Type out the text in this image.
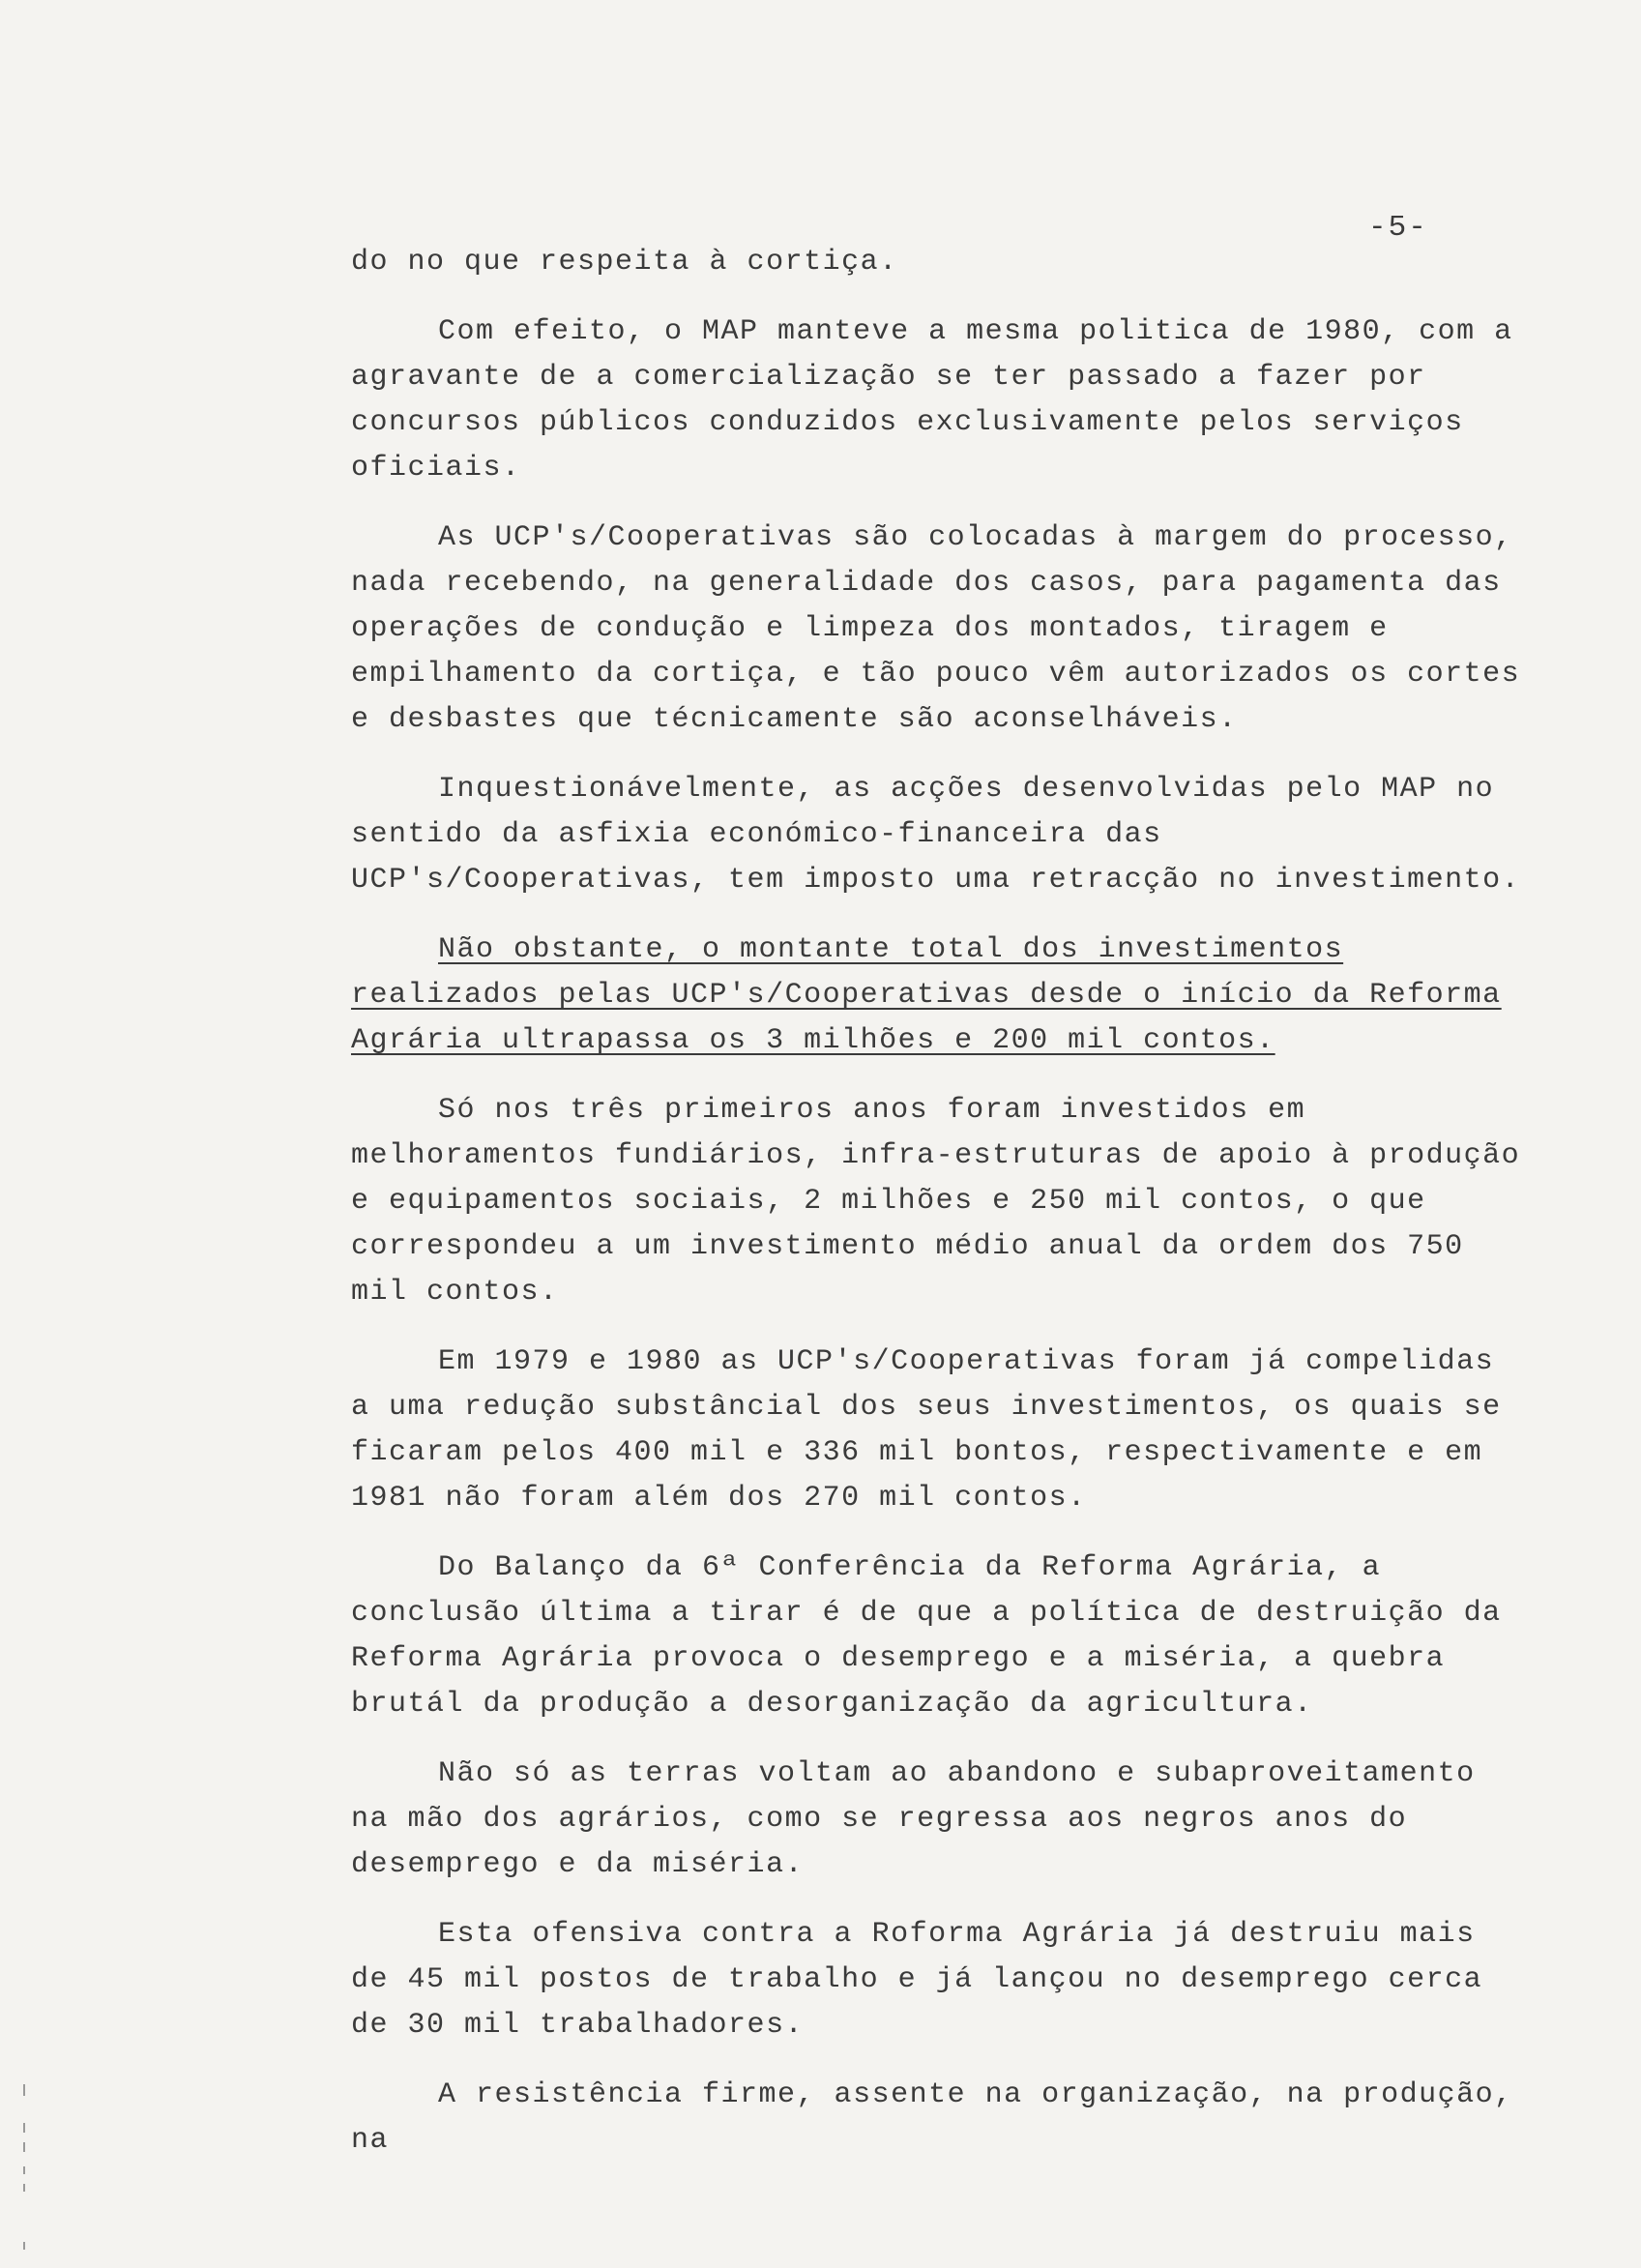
-5-

do no que respeita à cortiça.

Com efeito, o MAP manteve a mesma politica de 1980, com a agravante de a comercialização se ter passado a fazer por concursos públicos conduzidos exclusivamente pelos serviços oficiais.

As UCP's/Cooperativas são colocadas à margem do processo, nada recebendo, na generalidade dos casos, para pagamenta das operações de condução e limpeza dos montados, tiragem e empilhamento da cortiça, e tão pouco vêm autorizados os cortes e desbastes que técnicamente são aconselháveis.

Inquestionávelmente, as acções desenvolvidas pelo MAP no sentido da asfixia económico-financeira das UCP's/Cooperativas, tem imposto uma retracção no investimento.

Não obstante, o montante total dos investimentos realizados pelas UCP's/Cooperativas desde o início da Reforma Agrária ultrapassa os 3 milhões e 200 mil contos.

Só nos três primeiros anos foram investidos em melhoramentos fundiários, infra-estruturas de apoio à produção e equipamentos sociais, 2 milhões e 250 mil contos, o que correspondeu a um investimento médio anual da ordem dos 750 mil contos.

Em 1979 e 1980 as UCP's/Cooperativas foram já compelidas a uma redução substâncial dos seus investimentos, os quais se ficaram pelos 400 mil e 336 mil bontos, respectivamente e em 1981 não foram além dos 270 mil contos.

Do Balanço da 6ª Conferência da Reforma Agrária, a conclusão última a tirar é de que a política de destruição da Reforma Agrária provoca o desemprego e a miséria, a quebra brutál da produção a desorganização da agricultura.

Não só as terras voltam ao abandono e subaproveitamento na mão dos agrários, como se regressa aos negros anos do desemprego e da miséria.

Esta ofensiva contra a Roforma Agrária já destruiu mais de 45 mil postos de trabalho e já lançou no desemprego cerca de 30 mil trabalhadores.

A resistência firme, assente na organização, na produção, na
